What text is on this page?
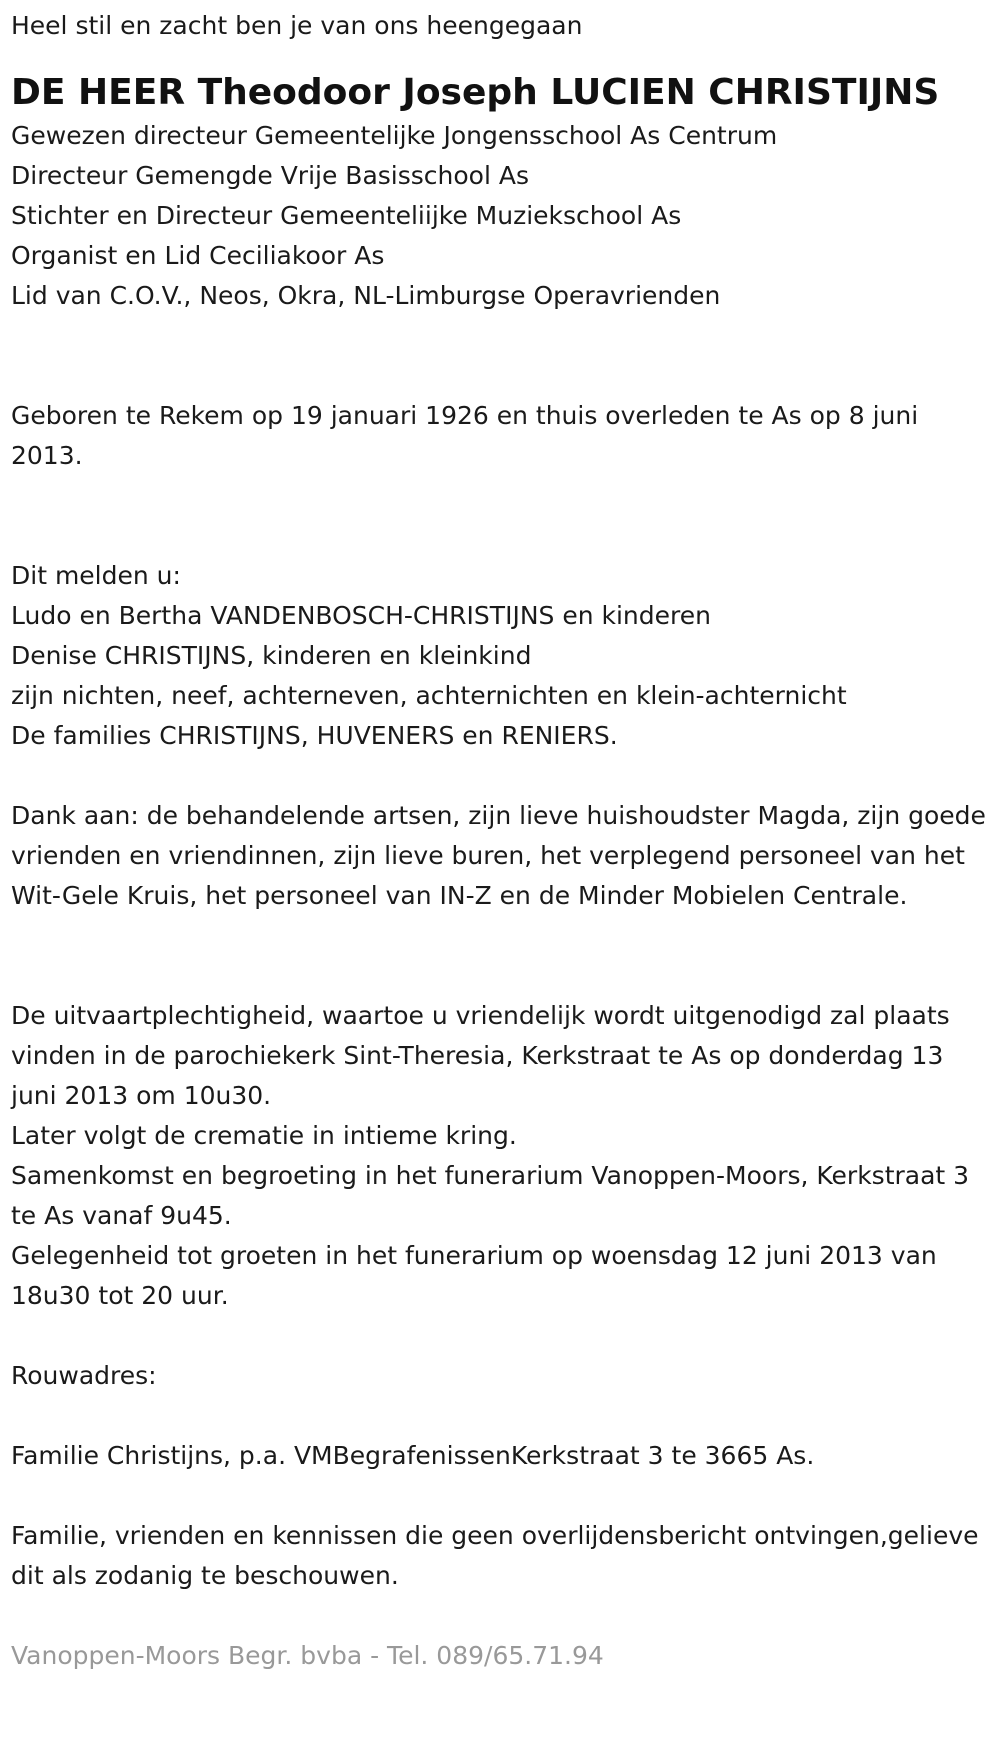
Heel stil en zacht ben je van ons heengegaan

DE HEER Theodoor Joseph LUCIEN CHRISTIJNS

Gewezen directeur Gemeentelijke Jongensschool As Centrum

Directeur Gemengde Vrije Basisschool As

Stichter en Directeur Gemeenteliijke Muziekschool As

Organist en Lid Ceciliakoor As

Lid van C.O.V., Neos, Okra, NL-Limburgse Operavrienden

Geboren te Rekem op 19 januari 1926 en thuis overleden te As op 8 juni 2013.

Dit melden u:

Ludo en Bertha VANDENBOSCH-CHRISTIJNS en kinderen

Denise CHRISTIJNS, kinderen en kleinkind

zijn nichten, neef, achterneven, achternichten en klein-achternicht

De families CHRISTIJNS, HUVENERS en RENIERS.

Dank aan: de behandelende artsen, zijn lieve huishoudster Magda, zijn goede vrienden en vriendinnen, zijn lieve buren, het verplegend personeel van het Wit-Gele Kruis, het personeel van IN-Z en de Minder Mobielen Centrale.

De uitvaartplechtigheid, waartoe u vriendelijk wordt uitgenodigd zal plaats vinden in de parochiekerk Sint-Theresia, Kerkstraat te As op donderdag 13 juni 2013 om 10u30.

Later volgt de crematie in intieme kring.

Samenkomst en begroeting in het funerarium Vanoppen-Moors, Kerkstraat 3 te As vanaf 9u45.

Gelegenheid tot groeten in het funerarium op woensdag 12 juni 2013 van 18u30 tot 20 uur.

Rouwadres:

Familie Christijns, p.a. VMBegrafenissenKerkstraat 3 te 3665 As.

Familie, vrienden en kennissen die geen overlijdensbericht ontvingen,gelieve dit als zodanig te beschouwen.

Vanoppen-Moors Begr. bvba - Tel. 089/65.71.94
